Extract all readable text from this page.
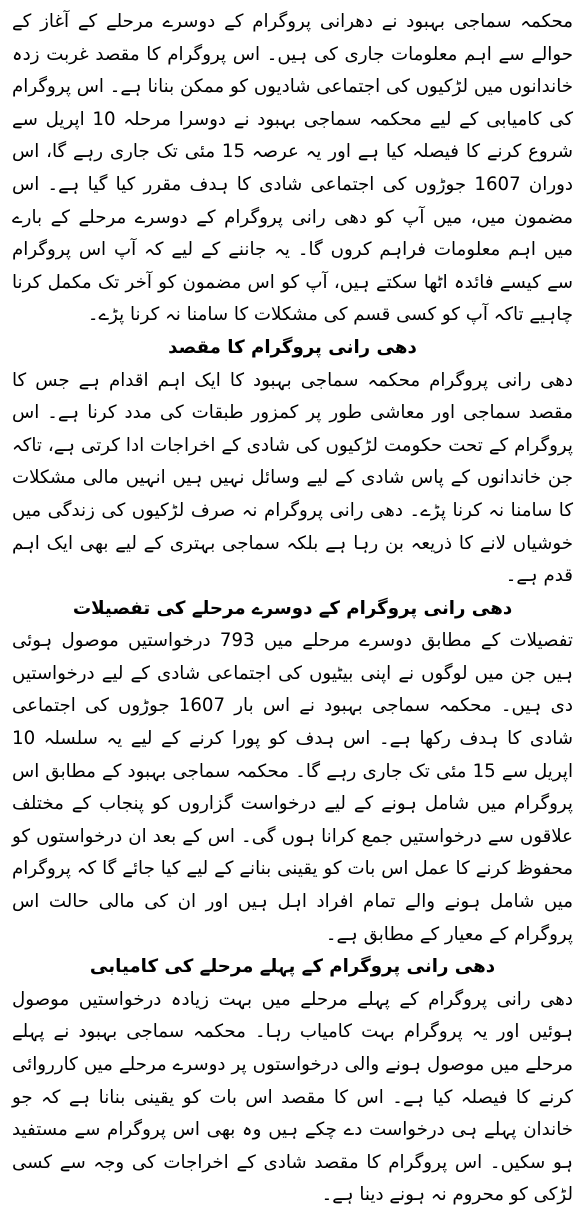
محکمہ سماجی بہبود نے دھرانی پروگرام کے دوسرے مرحلے کے آغاز کے حوالے سے اہم معلومات جاری کی ہیں۔ اس پروگرام کا مقصد غربت زدہ خاندانوں میں لڑکیوں کی اجتماعی شادیوں کو ممکن بنانا ہے۔ اس پروگرام کی کامیابی کے لیے محکمہ سماجی بہبود نے دوسرا مرحلہ 10 اپریل سے شروع کرنے کا فیصلہ کیا ہے اور یہ عرصہ 15 مئی تک جاری رہے گا، اس دوران 1607 جوڑوں کی اجتماعی شادی کا ہدف مقرر کیا گیا ہے۔ اس مضمون میں، میں آپ کو دھی رانی پروگرام کے دوسرے مرحلے کے بارے میں اہم معلومات فراہم کروں گا۔ یہ جاننے کے لیے کہ آپ اس پروگرام سے کیسے فائدہ اٹھا سکتے ہیں، آپ کو اس مضمون کو آخر تک مکمل کرنا چاہیے تاکہ آپ کو کسی قسم کی مشکلات کا سامنا نہ کرنا پڑے۔

دھی رانی پروگرام کا مقصد

دھی رانی پروگرام محکمہ سماجی بہبود کا ایک اہم اقدام ہے جس کا مقصد سماجی اور معاشی طور پر کمزور طبقات کی مدد کرنا ہے۔ اس پروگرام کے تحت حکومت لڑکیوں کی شادی کے اخراجات ادا کرتی ہے، تاکہ جن خاندانوں کے پاس شادی کے لیے وسائل نہیں ہیں انہیں مالی مشکلات کا سامنا نہ کرنا پڑے۔ دھی رانی پروگرام نہ صرف لڑکیوں کی زندگی میں خوشیاں لانے کا ذریعہ بن رہا ہے بلکہ سماجی بہتری کے لیے بھی ایک اہم قدم ہے۔

دھی رانی پروگرام کے دوسرے مرحلے کی تفصیلات

تفصیلات کے مطابق دوسرے مرحلے میں 793 درخواستیں موصول ہوئی ہیں جن میں لوگوں نے اپنی بیٹیوں کی اجتماعی شادی کے لیے درخواستیں دی ہیں۔ محکمہ سماجی بہبود نے اس بار 1607 جوڑوں کی اجتماعی شادی کا ہدف رکھا ہے۔ اس ہدف کو پورا کرنے کے لیے یہ سلسلہ 10 اپریل سے 15 مئی تک جاری رہے گا۔ محکمہ سماجی بہبود کے مطابق اس پروگرام میں شامل ہونے کے لیے درخواست گزاروں کو پنجاب کے مختلف علاقوں سے درخواستیں جمع کرانا ہوں گی۔ اس کے بعد ان درخواستوں کو محفوظ کرنے کا عمل اس بات کو یقینی بنانے کے لیے کیا جائے گا کہ پروگرام میں شامل ہونے والے تمام افراد اہل ہیں اور ان کی مالی حالت اس پروگرام کے معیار کے مطابق ہے۔

دھی رانی پروگرام کے پہلے مرحلے کی کامیابی

دھی رانی پروگرام کے پہلے مرحلے میں بہت زیادہ درخواستیں موصول ہوئیں اور یہ پروگرام بہت کامیاب رہا۔ محکمہ سماجی بہبود نے پہلے مرحلے میں موصول ہونے والی درخواستوں پر دوسرے مرحلے میں کارروائی کرنے کا فیصلہ کیا ہے۔ اس کا مقصد اس بات کو یقینی بنانا ہے کہ جو خاندان پہلے ہی درخواست دے چکے ہیں وہ بھی اس پروگرام سے مستفید ہو سکیں۔ اس پروگرام کا مقصد شادی کے اخراجات کی وجہ سے کسی لڑکی کو محروم نہ ہونے دینا ہے۔
